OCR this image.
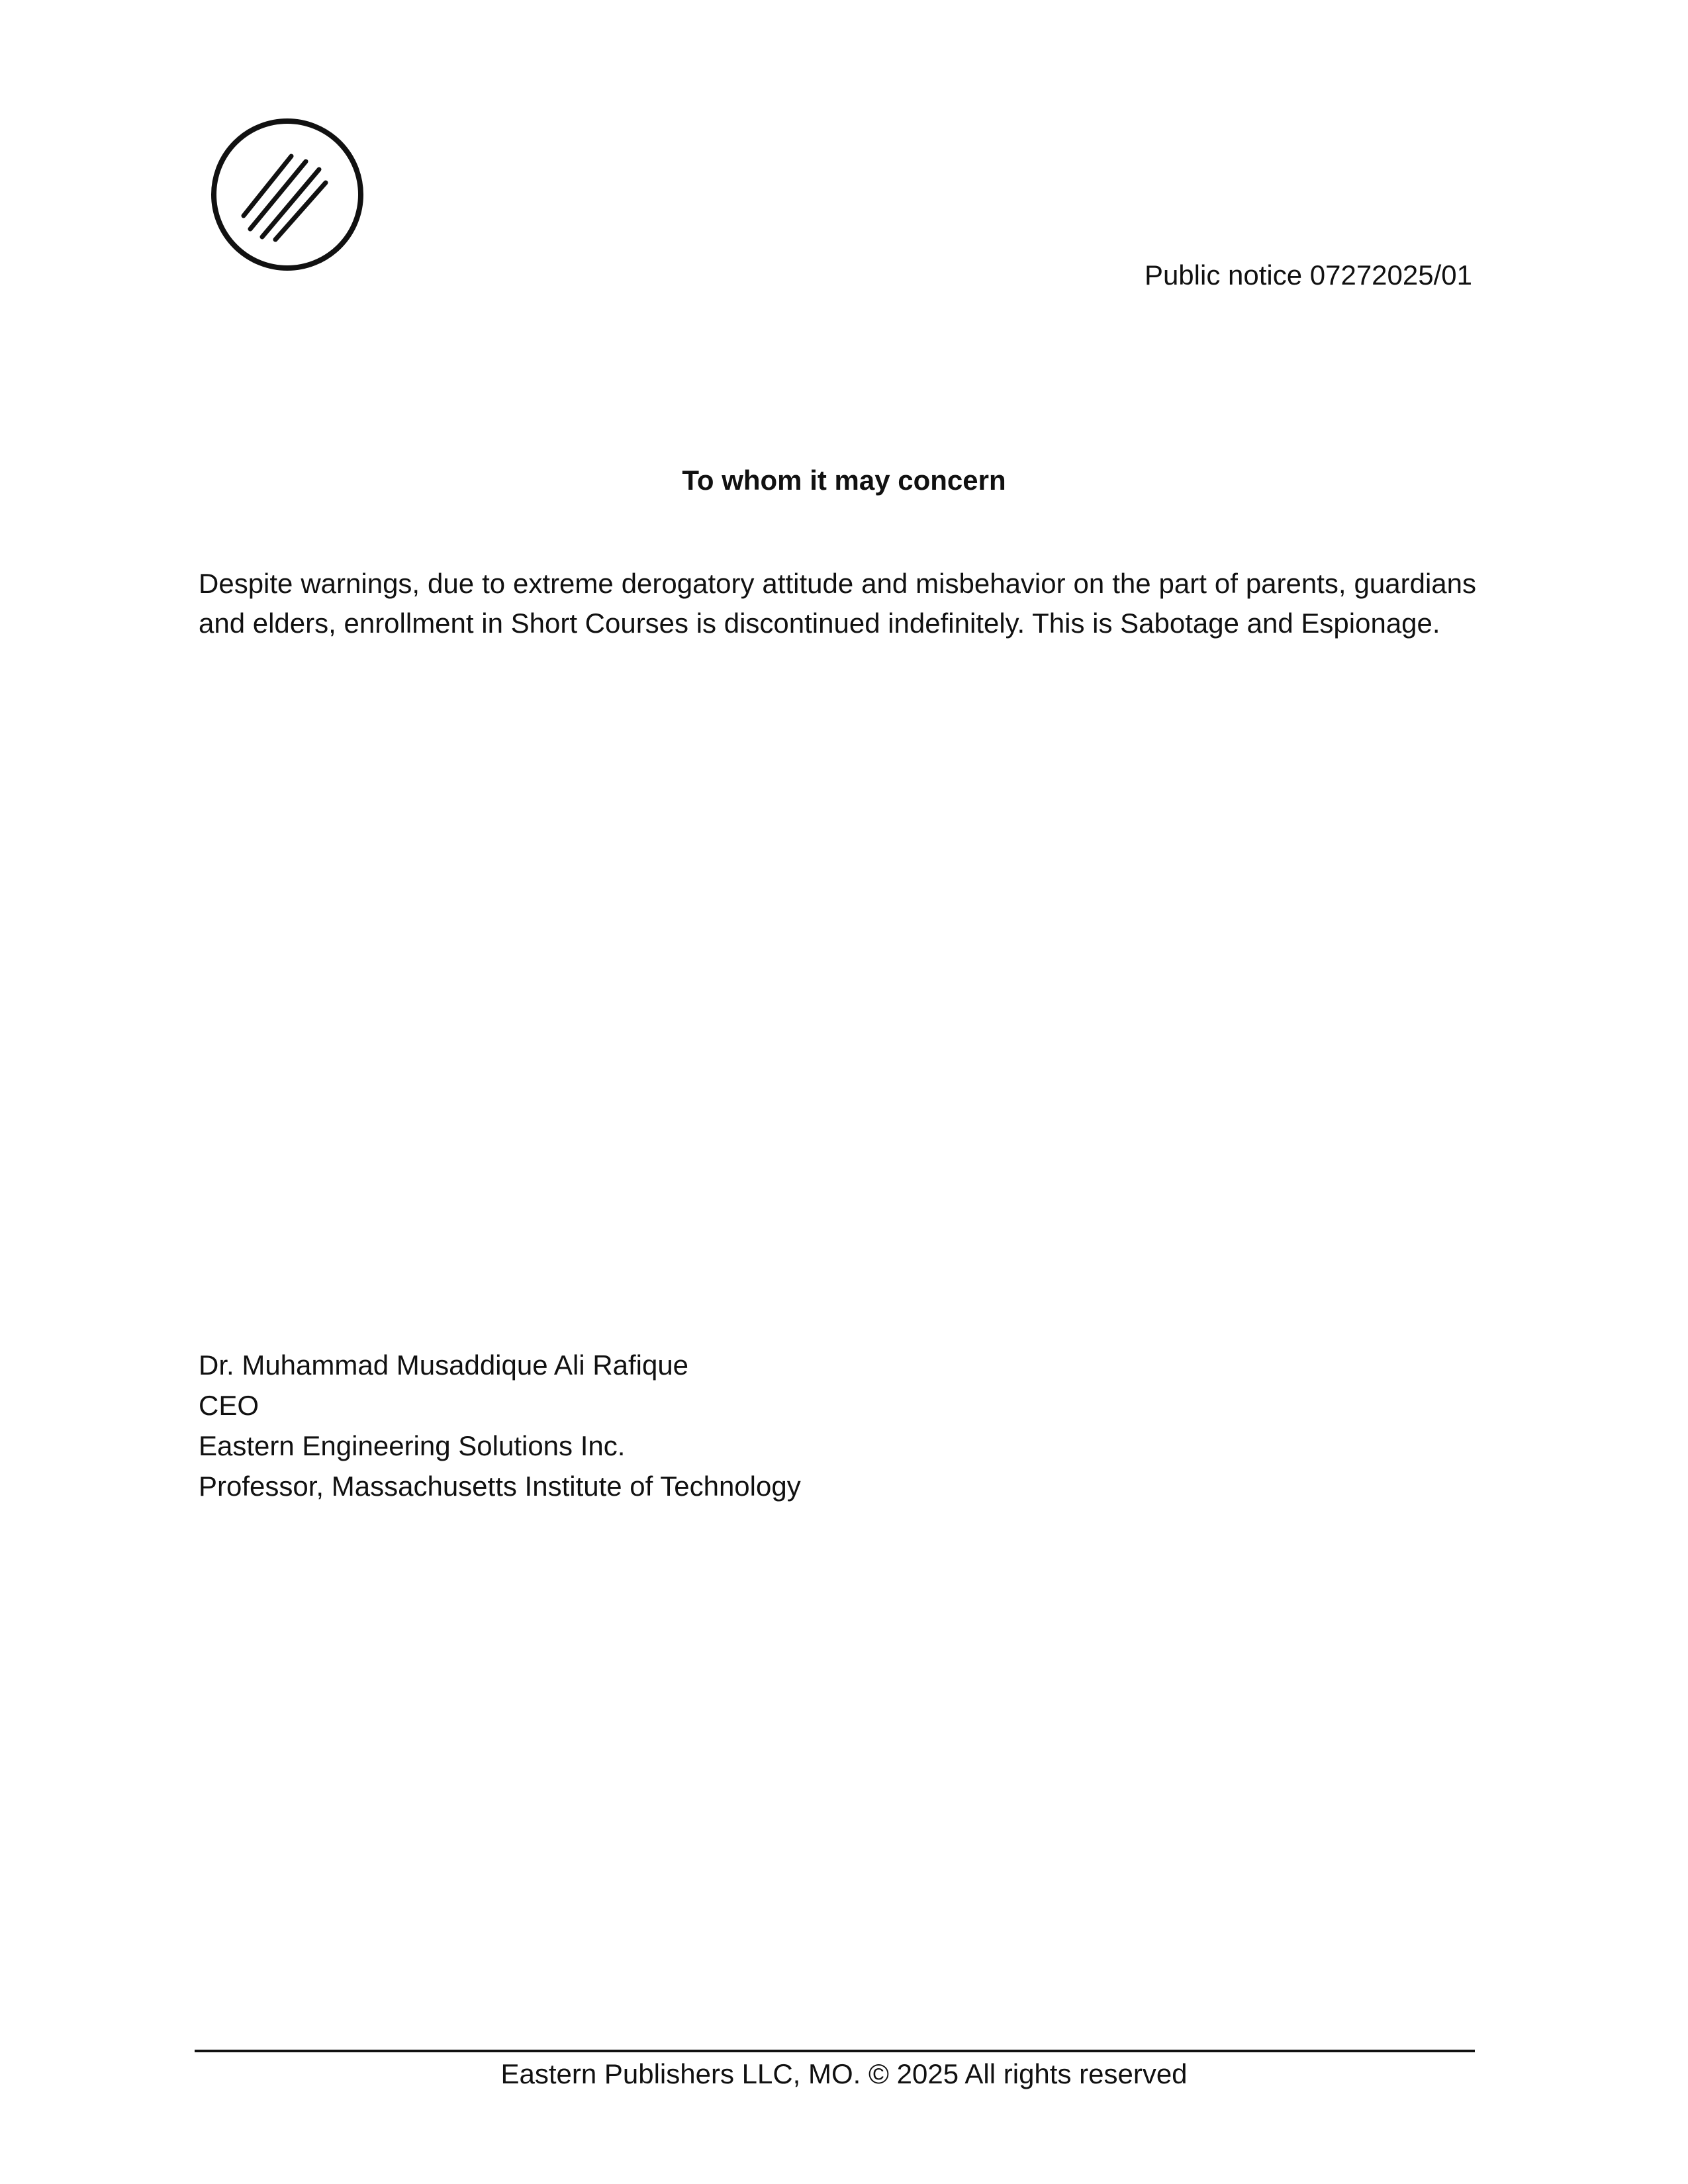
Public notice 07272025/01
To whom it may concern
Despite warnings, due to extreme derogatory attitude and misbehavior on the part of parents, guardians and elders, enrollment in Short Courses is discontinued indefinitely. This is Sabotage and Espionage.
Dr. Muhammad Musaddique Ali Rafique
CEO
Eastern Engineering Solutions Inc.
Professor, Massachusetts Institute of Technology
Eastern Publishers LLC, MO. © 2025 All rights reserved
